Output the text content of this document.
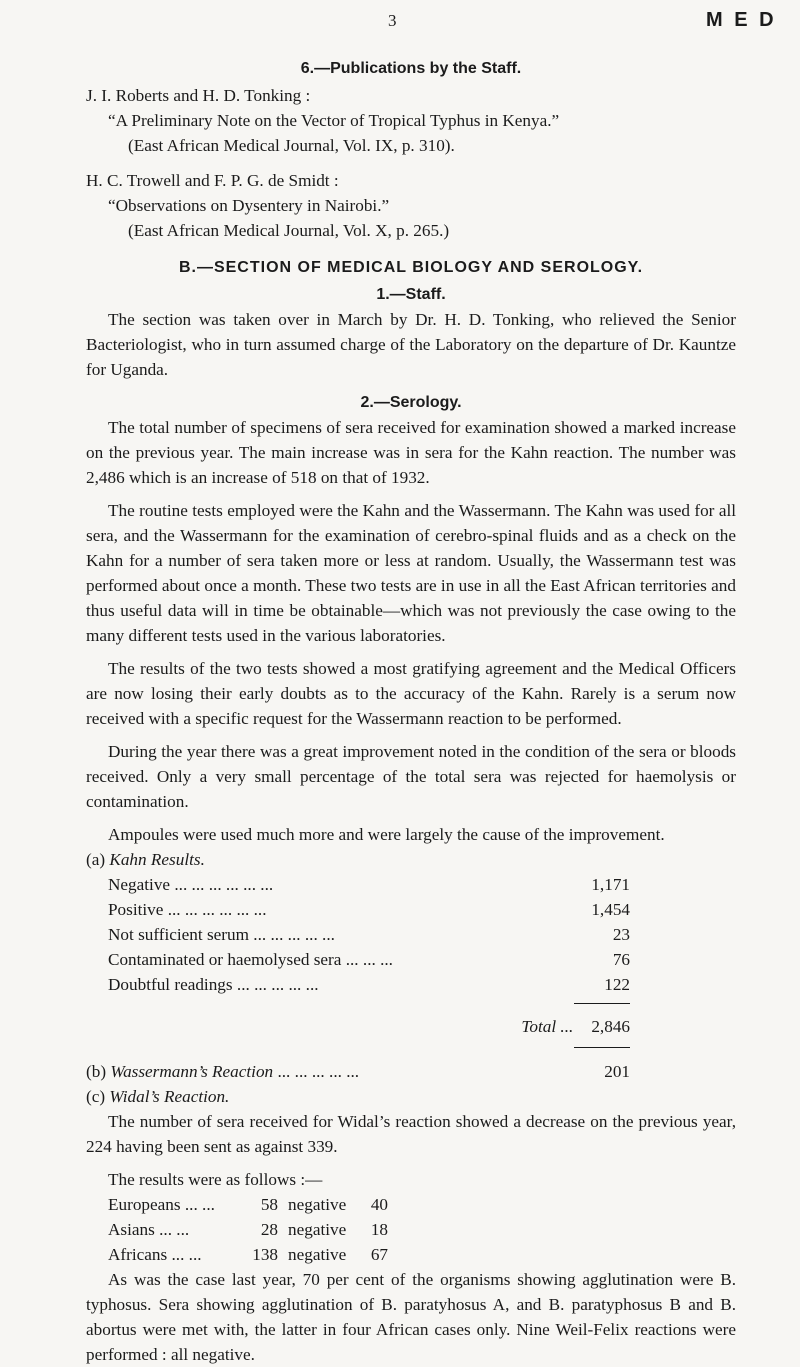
3	M E D

6.—Publications by the Staff.

J. I. Roberts and H. D. Tonking :

“A Preliminary Note on the Vector of Tropical Typhus in Kenya.”

(East African Medical Journal, Vol. IX, p. 310).

H. C. Trowell and F. P. G. de Smidt :

“Observations on Dysentery in Nairobi.”

(East African Medical Journal, Vol. X, p. 265.)

B.—SECTION OF MEDICAL BIOLOGY AND SEROLOGY.

1.—Staff.

The section was taken over in March by Dr. H. D. Tonking, who relieved the Senior Bacteriologist, who in turn assumed charge of the Laboratory on the departure of Dr. Kauntze for Uganda.

2.—Serology.

The total number of specimens of sera received for examination showed a marked increase on the previous year. The main increase was in sera for the Kahn reaction. The number was 2,486 which is an increase of 518 on that of 1932.

The routine tests employed were the Kahn and the Wassermann. The Kahn was used for all sera, and the Wassermann for the examination of cerebro-spinal fluids and as a check on the Kahn for a number of sera taken more or less at random. Usually, the Wassermann test was performed about once a month. These two tests are in use in all the East African territories and thus useful data will in time be obtainable—which was not previously the case owing to the many different tests used in the various laboratories.

The results of the two tests showed a most gratifying agreement and the Medical Officers are now losing their early doubts as to the accuracy of the Kahn. Rarely is a serum now received with a specific request for the Wassermann reaction to be performed.

During the year there was a great improvement noted in the condition of the sera or bloods received. Only a very small percentage of the total sera was rejected for haemolysis or contamination.

Ampoules were used much more and were largely the cause of the improvement.

(a) Kahn Results.

Negative ... ... ... ... ... ...	1,171
Positive ... ... ... ... ... ...	1,454
Not sufficient serum ... ... ... ... ...	23
Contaminated or haemolysed sera ... ... ...	76
Doubtful readings ... ... ... ... ...	122
Total ... 2,846
(b) Wassermann’s Reaction ... ... ... ... ...	201

(c) Widal’s Reaction.

The number of sera received for Widal’s reaction showed a decrease on the previous year, 224 having been sent as against 339.

The results were as follows :—

Europeans ... ...	58 negative	40
Asians ... ...	28 negative	18
Africans ... ...	138 negative	67

As was the case last year, 70 per cent of the organisms showing agglutination were B. typhosus. Sera showing agglutination of B. paratyhosus A, and B. paratyphosus B and B. abortus were met with, the latter in four African cases only. Nine Weil-Felix reactions were performed : all negative.
